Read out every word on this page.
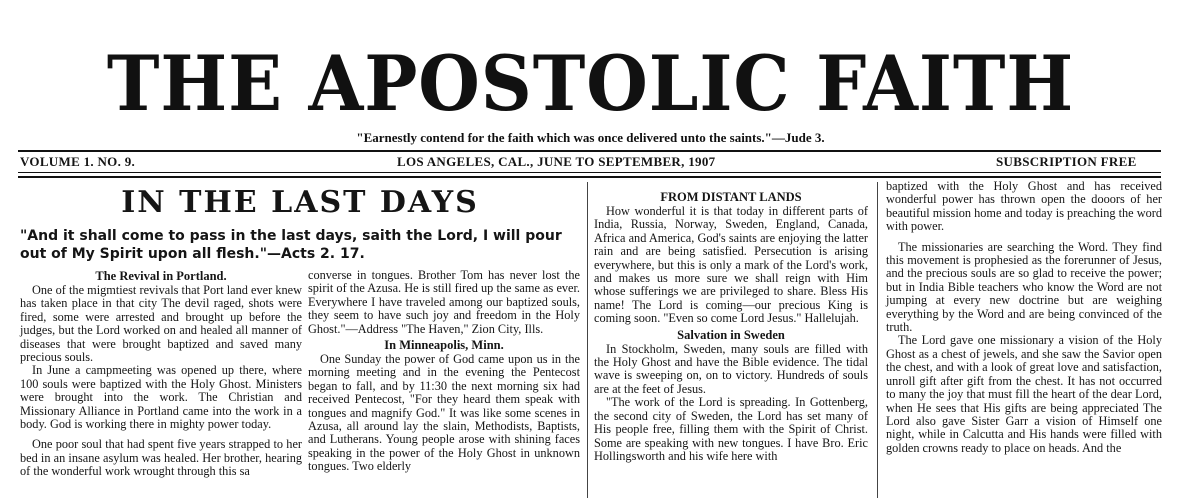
THE APOSTOLIC FAITH
"Earnestly contend for the faith which was once delivered unto the saints."—Jude 3.
VOLUME 1. NO. 9.	LOS ANGELES, CAL., JUNE TO SEPTEMBER, 1907	SUBSCRIPTION FREE
IN THE LAST DAYS
"And it shall come to pass in the last days, saith the Lord, I will pour out of My Spirit upon all flesh."—Acts 2. 17.

The Revival in Portland.

One of the migmtiest revivals that Port land ever knew has taken place in that city The devil raged, shots were fired, some were arrested and brought up before the judges, but the Lord worked on and healed all manner of diseases that were brought baptized and saved many precious souls.

In June a campmeeting was opened up there, where 100 souls were baptized with the Holy Ghost. Ministers were brought into the work. The Christian and Missionary Alliance in Portland came into the work in a body. God is working there in mighty power today.

One poor soul that had spent five years strapped to her bed in an insane asylum was healed. Her brother, hearing of the wonderful work wrought through this sa

converse in tongues. Brother Tom has never lost the spirit of the Azusa. He is still fired up the same as ever. Everywhere I have traveled among our baptized souls, they seem to have such joy and freedom in the Holy Ghost."—Address "The Haven," Zion City, Ills.

In Minneapolis, Minn.

One Sunday the power of God came upon us in the morning meeting and in the evening the Pentecost began to fall, and by 11:30 the next morning six had received Pentecost, "For they heard them speak with tongues and magnify God." It was like some scenes in Azusa, all around lay the slain, Methodists, Baptists, and Lutherans. Young people arose with shining faces speaking in the power of the Holy Ghost in unknown tongues. Two elderly

FROM DISTANT LANDS

How wonderful it is that today in different parts of India, Russia, Norway, Sweden, England, Canada, Africa and America, God's saints are enjoying the latter rain and are being satisfied. Persecution is arising everywhere, but this is only a mark of the Lord's work, and makes us more sure we shall reign with Him whose sufferings we are privileged to share. Bless His name! The Lord is coming—our precious King is coming soon. "Even so come Lord Jesus." Hallelujah.

Salvation in Sweden

In Stockholm, Sweden, many souls are filled with the Holy Ghost and have the Bible evidence. The tidal wave is sweeping on, on to victory. Hundreds of souls are at the feet of Jesus.

"The work of the Lord is spreading. In Gottenberg, the second city of Sweden, the Lord has set many of His people free, filling them with the Spirit of Christ. Some are speaking with new tongues. I have Bro. Eric Hollingsworth and his wife here with

baptized with the Holy Ghost and has received wonderful power has thrown open the dooors of her beautiful mission home and today is preaching the word with power.

The missionaries are searching the Word. They find this movement is prophesied as the forerunner of Jesus, and the precious souls are so glad to receive the power; but in India Bible teachers who know the Word are not jumping at every new doctrine but are weighing everything by the Word and are being convinced of the truth.

The Lord gave one missionary a vision of the Holy Ghost as a chest of jewels, and she saw the Savior open the chest, and with a look of great love and satisfaction, unroll gift after gift from the chest. It has not occurred to many the joy that must fill the heart of the dear Lord, when He sees that His gifts are being appreciated The Lord also gave Sister Garr a vision of Himself one night, while in Calcutta and His hands were filled with golden crowns ready to place on heads. And the
